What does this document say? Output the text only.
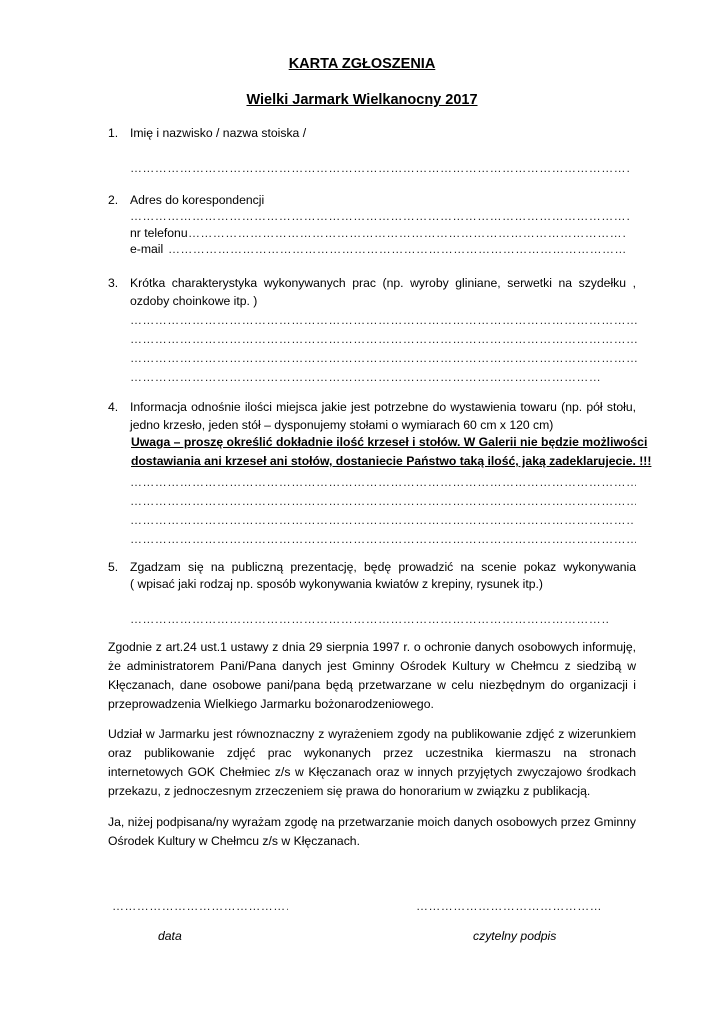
KARTA ZGŁOSZENIA
Wielki Jarmark Wielkanocny 2017
1. Imię i nazwisko / nazwa stoiska /
……………………………………………………………………………………………………………………………………………………………………………………………………………………………………………………………………………………………………………………………………………………………………
2. Adres do korespondencji
……………………………………………………………………………………………………………………………………………………………………………………………………………………………………………………………………………………………………………………………………………………………………
nr telefonu
……………………………………………………………………………………………………………………………………………………………………………………………………………………………………………………………………………………………………………………………………………………………………
e-mail
……………………………………………………………………………………………………………………………………………………………………………………………………………………………………………………………………………………………………………………………………………………………………
3. Krótka charakterystyka wykonywanych prac (np. wyroby gliniane, serwetki na szydełku ,
ozdoby choinkowe itp. )
……………………………………………………………………………………………………………………………………………………………………………………………………………………………………………………………………………………………………………………………………………………………………
……………………………………………………………………………………………………………………………………………………………………………………………………………………………………………………………………………………………………………………………………………………………………
……………………………………………………………………………………………………………………………………………………………………………………………………………………………………………………………………………………………………………………………………………………………………
……………………………………………………………………………………………………………………………………………………………………………………………………………………………………………………………………………………………………………………………………………………………………
4. Informacja odnośnie ilości miejsca jakie jest potrzebne do wystawienia towaru (np. pół stołu,
jedno krzesło, jeden stół – dysponujemy stołami o wymiarach 60 cm x 120 cm)
Uwaga – proszę określić dokładnie ilość krzeseł i stołów. W Galerii nie będzie możliwości
dostawiania ani krzeseł ani stołów, dostaniecie Państwo taką ilość, jaką zadeklarujecie. !!!
……………………………………………………………………………………………………………………………………………………………………………………………………………………………………………………………………………………………………………………………………………………………………
……………………………………………………………………………………………………………………………………………………………………………………………………………………………………………………………………………………………………………………………………………………………………
……………………………………………………………………………………………………………………………………………………………………………………………………………………………………………………………………………………………………………………………………………………………………
……………………………………………………………………………………………………………………………………………………………………………………………………………………………………………………………………………………………………………………………………………………………………
5. Zgadzam się na publiczną prezentację, będę prowadzić na scenie pokaz wykonywania
( wpisać jaki rodzaj np. sposób wykonywania kwiatów z krepiny, rysunek itp.)
……………………………………………………………………………………………………………………………………………………………………………………………………………………………………………………………………………………………………………………………………………………………………
Zgodnie z art.24 ust.1 ustawy z dnia 29 sierpnia 1997 r. o ochronie danych osobowych informuję,
że administratorem Pani/Pana danych jest Gminny Ośrodek Kultury w Chełmcu z siedzibą w
Kłęczanach, dane osobowe pani/pana będą przetwarzane w celu niezbędnym do organizacji i
przeprowadzenia Wielkiego Jarmarku bożonarodzeniowego.
Udział w Jarmarku jest równoznaczny z wyrażeniem zgody na publikowanie zdjęć z wizerunkiem
oraz publikowanie zdjęć prac wykonanych przez uczestnika kiermaszu na stronach
internetowych GOK Chełmiec z/s w Kłęczanach oraz w innych przyjętych zwyczajowo środkach
przekazu, z jednoczesnym zrzeczeniem się prawa do honorarium w związku z publikacją.
Ja, niżej podpisana/ny wyrażam zgodę na przetwarzanie moich danych osobowych przez Gminny
Ośrodek Kultury w Chełmcu z/s w Kłęczanach.
……………………………………………………………………………………………………………………………………………………………………………………………………………………………………………………………………………………………………………………………………………………………………
……………………………………………………………………………………………………………………………………………………………………………………………………………………………………………………………………………………………………………………………………………………………………
data	czytelny podpis
